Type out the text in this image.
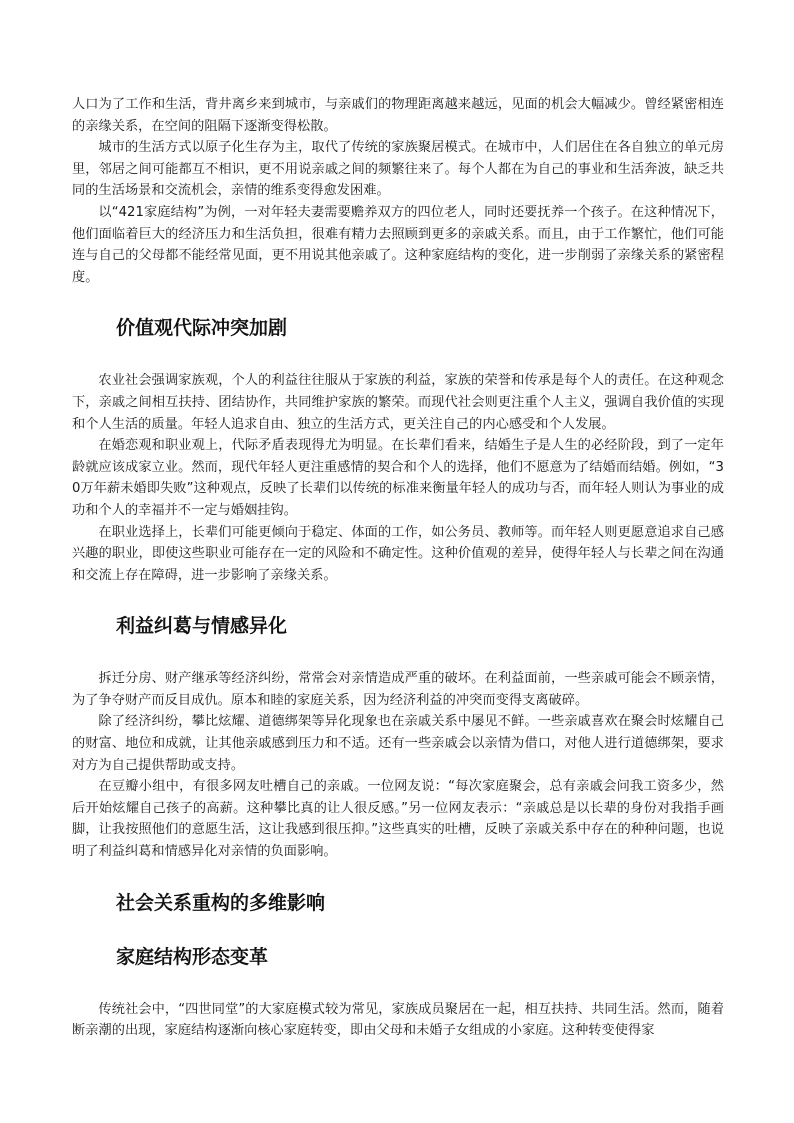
人口为了工作和生活，背井离乡来到城市，与亲戚们的物理距离越来越远，见面的机会大幅减少。曾经紧密相连的亲缘关系，在空间的阻隔下逐渐变得松散。

城市的生活方式以原子化生存为主，取代了传统的家族聚居模式。在城市中，人们居住在各自独立的单元房里，邻居之间可能都互不相识，更不用说亲戚之间的频繁往来了。每个人都在为自己的事业和生活奔波，缺乏共同的生活场景和交流机会，亲情的维系变得愈发困难。

以“421家庭结构”为例，一对年轻夫妻需要赡养双方的四位老人，同时还要抚养一个孩子。在这种情况下，他们面临着巨大的经济压力和生活负担，很难有精力去照顾到更多的亲戚关系。而且，由于工作繁忙，他们可能连与自己的父母都不能经常见面，更不用说其他亲戚了。这种家庭结构的变化，进一步削弱了亲缘关系的紧密程度。

价值观代际冲突加剧

农业社会强调家族观，个人的利益往往服从于家族的利益，家族的荣誉和传承是每个人的责任。在这种观念下，亲戚之间相互扶持、团结协作，共同维护家族的繁荣。而现代社会则更注重个人主义，强调自我价值的实现和个人生活的质量。年轻人追求自由、独立的生活方式，更关注自己的内心感受和个人发展。

在婚恋观和职业观上，代际矛盾表现得尤为明显。在长辈们看来，结婚生子是人生的必经阶段，到了一定年龄就应该成家立业。然而，现代年轻人更注重感情的契合和个人的选择，他们不愿意为了结婚而结婚。例如，“30万年薪未婚即失败”这种观点，反映了长辈们以传统的标准来衡量年轻人的成功与否，而年轻人则认为事业的成功和个人的幸福并不一定与婚姻挂钩。

在职业选择上，长辈们可能更倾向于稳定、体面的工作，如公务员、教师等。而年轻人则更愿意追求自己感兴趣的职业，即使这些职业可能存在一定的风险和不确定性。这种价值观的差异，使得年轻人与长辈之间在沟通和交流上存在障碍，进一步影响了亲缘关系。

利益纠葛与情感异化

拆迁分房、财产继承等经济纠纷，常常会对亲情造成严重的破坏。在利益面前，一些亲戚可能会不顾亲情，为了争夺财产而反目成仇。原本和睦的家庭关系，因为经济利益的冲突而变得支离破碎。

除了经济纠纷，攀比炫耀、道德绑架等异化现象也在亲戚关系中屡见不鲜。一些亲戚喜欢在聚会时炫耀自己的财富、地位和成就，让其他亲戚感到压力和不适。还有一些亲戚会以亲情为借口，对他人进行道德绑架，要求对方为自己提供帮助或支持。

在豆瓣小组中，有很多网友吐槽自己的亲戚。一位网友说：“每次家庭聚会，总有亲戚会问我工资多少，然后开始炫耀自己孩子的高薪。这种攀比真的让人很反感。”另一位网友表示：“亲戚总是以长辈的身份对我指手画脚，让我按照他们的意愿生活，这让我感到很压抑。”这些真实的吐槽，反映了亲戚关系中存在的种种问题，也说明了利益纠葛和情感异化对亲情的负面影响。

社会关系重构的多维影响
家庭结构形态变革

传统社会中，“四世同堂”的大家庭模式较为常见，家族成员聚居在一起，相互扶持、共同生活。然而，随着断亲潮的出现，家庭结构逐渐向核心家庭转变，即由父母和未婚子女组成的小家庭。这种转变使得家
